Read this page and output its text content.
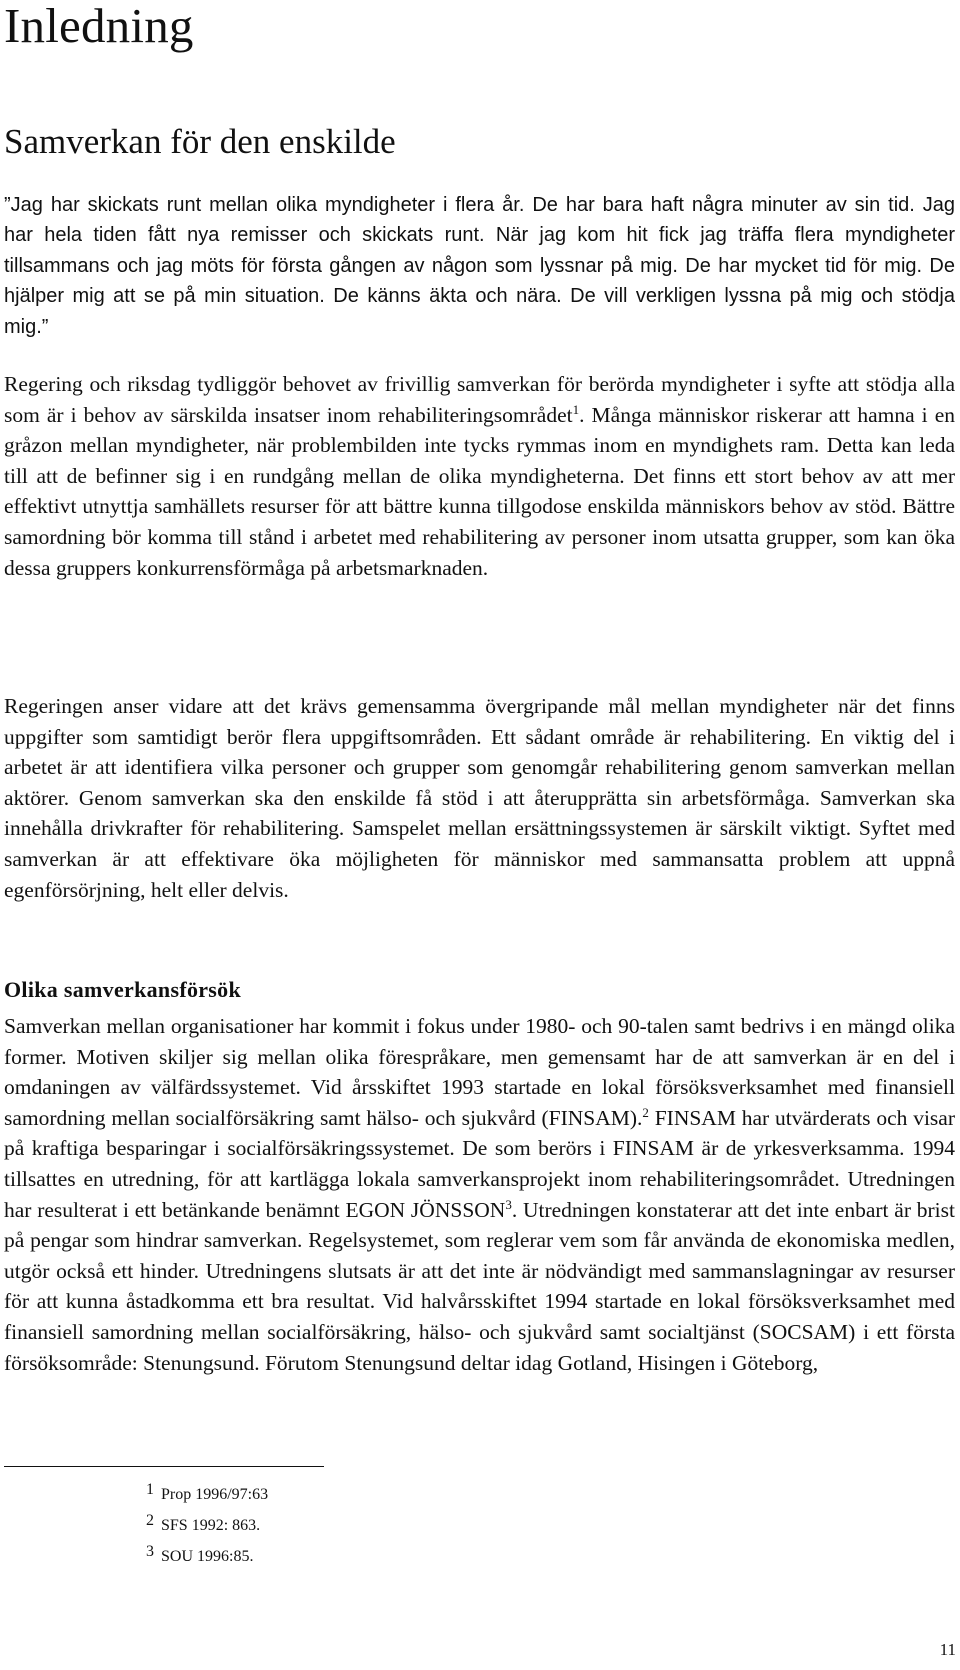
Inledning
Samverkan för den enskilde

”Jag har skickats runt mellan olika myndigheter i flera år. De har bara haft några minuter av sin tid. Jag har hela tiden fått nya remisser och skickats runt. När jag kom hit fick jag träffa flera myndigheter tillsammans och jag möts för första gången av någon som lyssnar på mig. De har mycket tid för mig. De hjälper mig att se på min situation. De känns äkta och nära. De vill verkligen lyssna på mig och stödja mig.”

Regering och riksdag tydliggör behovet av frivillig samverkan för berörda myndigheter i syfte att stödja alla som är i behov av särskilda insatser inom rehabiliteringsområdet$^1$. Många människor riskerar att hamna i en gråzon mellan myndigheter, när problembilden inte tycks rymmas inom en myndighets ram. Detta kan leda till att de befinner sig i en rundgång mellan de olika myndigheterna. Det finns ett stort behov av att mer effektivt utnyttja samhällets resurser för att bättre kunna tillgodose enskilda människors behov av stöd. Bättre samordning bör komma till stånd i arbetet med rehabilitering av personer inom utsatta grupper, som kan öka dessa gruppers konkurrensförmåga på arbetsmarknaden.

Regeringen anser vidare att det krävs gemensamma övergripande mål mellan myndigheter när det finns uppgifter som samtidigt berör flera uppgiftsområden. Ett sådant område är rehabilitering. En viktig del i arbetet är att identifiera vilka personer och grupper som genomgår rehabilitering genom samverkan mellan aktörer. Genom samverkan ska den enskilde få stöd i att återupprätta sin arbetsförmåga. Samverkan ska innehålla drivkrafter för rehabilitering. Samspelet mellan ersättningssystemen är särskilt viktigt. Syftet med samverkan är att effektivare öka möjligheten för människor med sammansatta problem att uppnå egenförsörjning, helt eller delvis.

Olika samverkansförsök

Samverkan mellan organisationer har kommit i fokus under 1980- och 90-talen samt bedrivs i en mängd olika former. Motiven skiljer sig mellan olika förespråkare, men gemensamt har de att samverkan är en del i omdaningen av välfärdssystemet. Vid årsskiftet 1993 startade en lokal försöksverksamhet med finansiell samordning mellan socialförsäkring samt hälso- och sjukvård (FINSAM).$^2$ FINSAM har utvärderats och visar på kraftiga besparingar i socialförsäkringssystemet. De som berörs i FINSAM är de yrkesverksamma. 1994 tillsattes en utredning, för att kartlägga lokala samverkansprojekt inom rehabiliteringsområdet. Utredningen har resulterat i ett betänkande benämnt EGON JÖNSSON$^3$. Utredningen konstaterar att det inte enbart är brist på pengar som hindrar samverkan. Regelsystemet, som reglerar vem som får använda de ekonomiska medlen, utgör också ett hinder. Utredningens slutsats är att det inte är nödvändigt med sammanslagningar av resurser för att kunna åstadkomma ett bra resultat. Vid halvårsskiftet 1994 startade en lokal försöksverksamhet med finansiell samordning mellan socialförsäkring, hälso- och sjukvård samt socialtjänst (SOCSAM) i ett första försöksområde: Stenungsund. Förutom Stenungsund deltar idag Gotland, Hisingen i Göteborg,

$^1$ Prop 1996/97:63
$^2$ SFS 1992: 863.
$^3$ SOU 1996:85.
11
